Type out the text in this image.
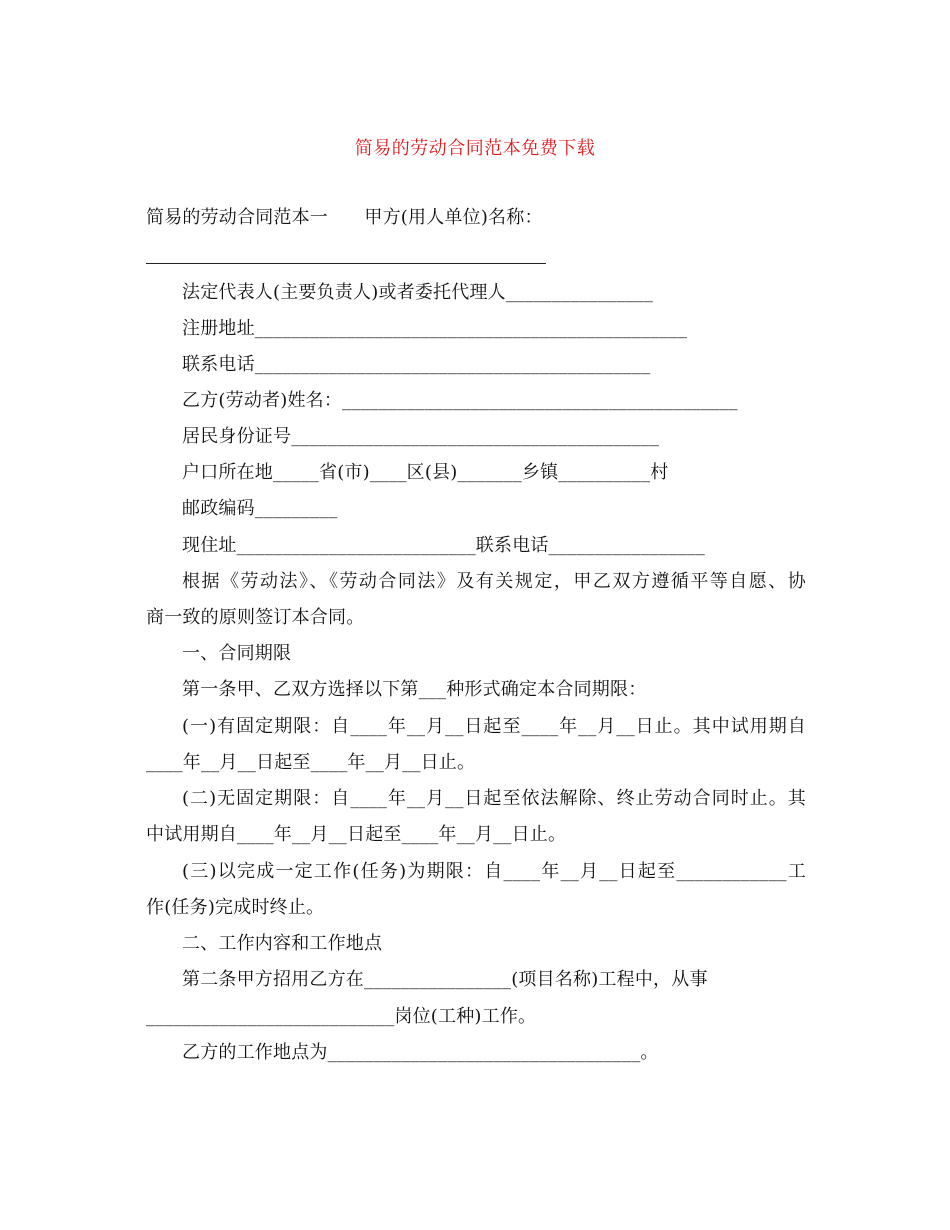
简易的劳动合同范本免费下载
简易的劳动合同范本一　　甲方(用人单位)名称：
法定代表人(主要负责人)或者委托代理人________________
注册地址_______________________________________________
联系电话___________________________________________
乙方(劳动者)姓名：___________________________________________
居民身份证号________________________________________
户口所在地_____省(市)____区(县)_______乡镇__________村
邮政编码_________
现住址__________________________联系电话_________________
根据《劳动法》、《劳动合同法》及有关规定，甲乙双方遵循平等自愿、协
商一致的原则签订本合同。
一、合同期限
第一条甲、乙双方选择以下第___种形式确定本合同期限：
(一)有固定期限：自____年__月__日起至____年__月__日止。其中试用期自
____年__月__日起至____年__月__日止。
(二)无固定期限：自____年__月__日起至依法解除、终止劳动合同时止。其
中试用期自____年__月__日起至____年__月__日止。
(三)以完成一定工作(任务)为期限：自____年__月__日起至____________工
作(任务)完成时终止。
二、工作内容和工作地点
第二条甲方招用乙方在________________(项目名称)工程中，从事
___________________________岗位(工种)工作。
乙方的工作地点为__________________________________。
